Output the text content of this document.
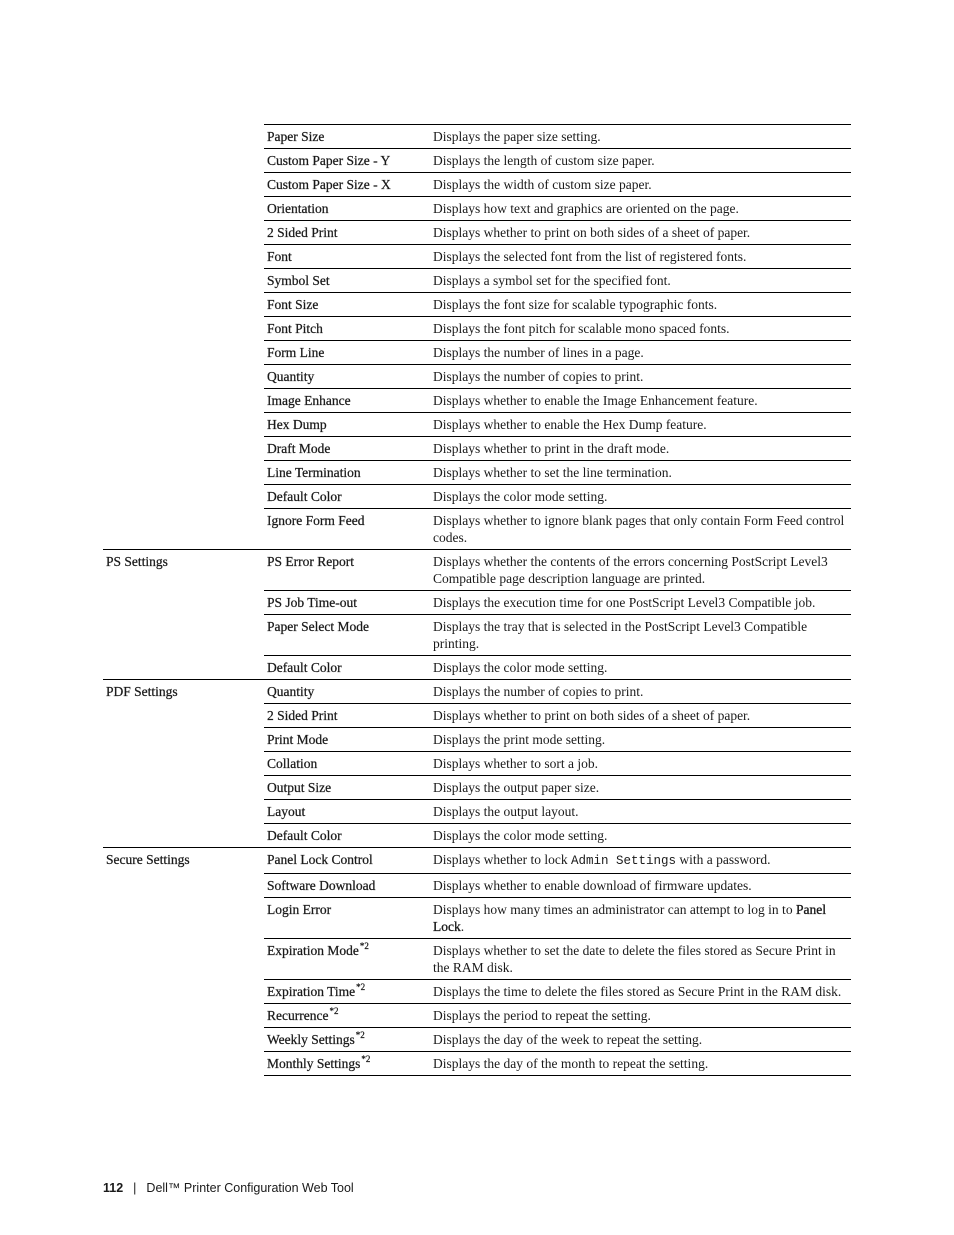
	Paper Size	Displays the paper size setting.
	Custom Paper Size - Y	Displays the length of custom size paper.
	Custom Paper Size - X	Displays the width of custom size paper.
	Orientation	Displays how text and graphics are oriented on the page.
	2 Sided Print	Displays whether to print on both sides of a sheet of paper.
	Font	Displays the selected font from the list of registered fonts.
	Symbol Set	Displays a symbol set for the specified font.
	Font Size	Displays the font size for scalable typographic fonts.
	Font Pitch	Displays the font pitch for scalable mono spaced fonts.
	Form Line	Displays the number of lines in a page.
	Quantity	Displays the number of copies to print.
	Image Enhance	Displays whether to enable the Image Enhancement feature.
	Hex Dump	Displays whether to enable the Hex Dump feature.
	Draft Mode	Displays whether to print in the draft mode.
	Line Termination	Displays whether to set the line termination.
	Default Color	Displays the color mode setting.
	Ignore Form Feed	Displays whether to ignore blank pages that only contain Form Feed control codes.
PS Settings	PS Error Report	Displays whether the contents of the errors concerning PostScript Level3 Compatible page description language are printed.
	PS Job Time-out	Displays the execution time for one PostScript Level3 Compatible job.
	Paper Select Mode	Displays the tray that is selected in the PostScript Level3 Compatible printing.
	Default Color	Displays the color mode setting.
PDF Settings	Quantity	Displays the number of copies to print.
	2 Sided Print	Displays whether to print on both sides of a sheet of paper.
	Print Mode	Displays the print mode setting.
	Collation	Displays whether to sort a job.
	Output Size	Displays the output paper size.
	Layout	Displays the output layout.
	Default Color	Displays the color mode setting.
Secure Settings	Panel Lock Control	Displays whether to lock Admin Settings with a password.
	Software Download	Displays whether to enable download of firmware updates.
	Login Error	Displays how many times an administrator can attempt to log in to Panel Lock.
	Expiration Mode$^{*2}$	Displays whether to set the date to delete the files stored as Secure Print in the RAM disk.
	Expiration Time$^{*2}$	Displays the time to delete the files stored as Secure Print in the RAM disk.
	Recurrence$^{*2}$	Displays the period to repeat the setting.
	Weekly Settings$^{*2}$	Displays the day of the week to repeat the setting.
	Monthly Settings$^{*2}$	Displays the day of the month to repeat the setting.
112 | Dell™ Printer Configuration Web Tool
